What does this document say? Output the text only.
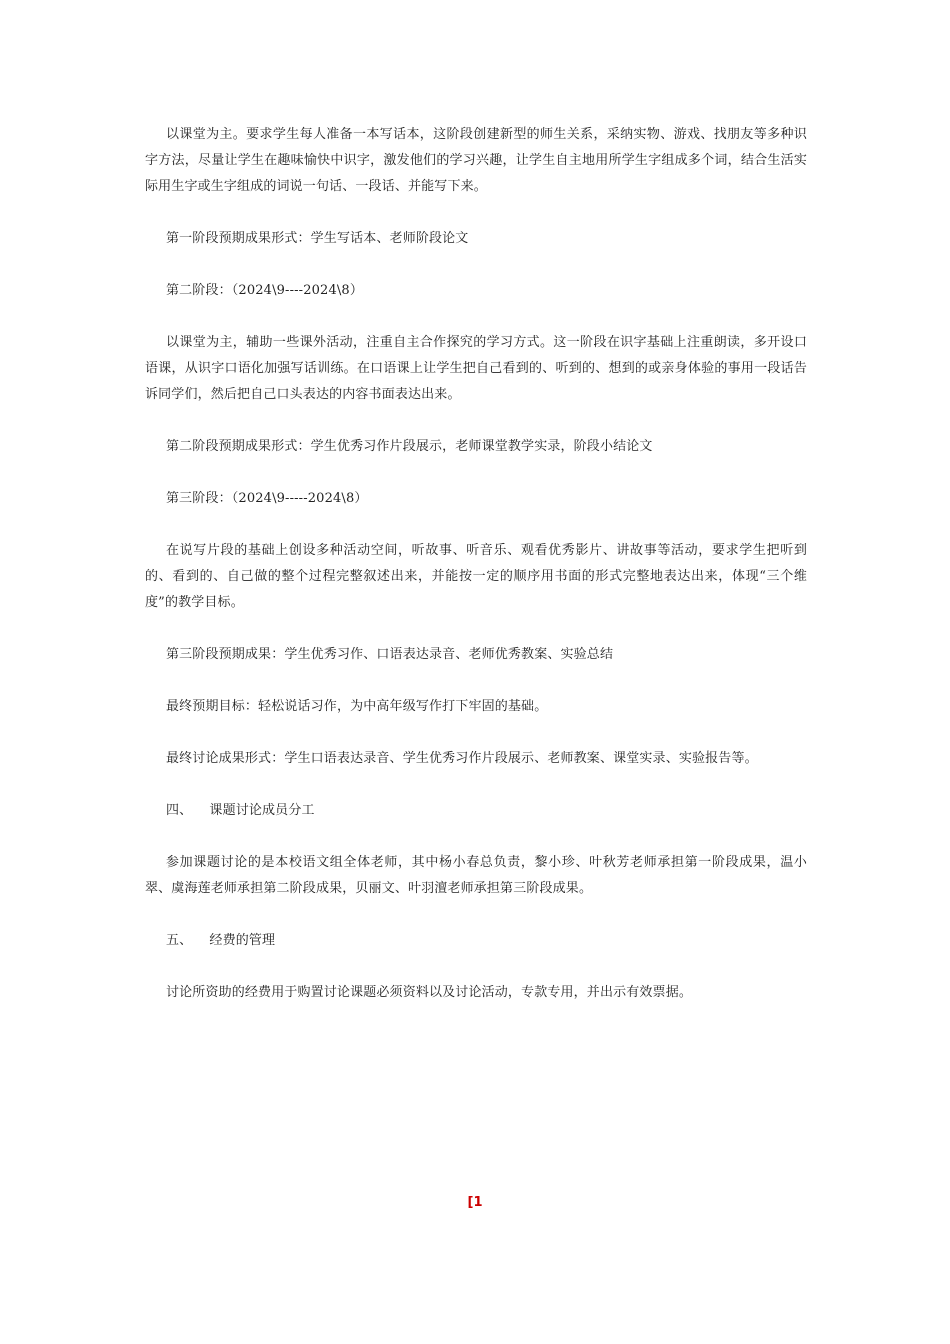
以课堂为主。要求学生每人准备一本写话本，这阶段创建新型的师生关系，采纳实物、游戏、找朋友等多种识字方法，尽量让学生在趣味愉快中识字，激发他们的学习兴趣，让学生自主地用所学生字组成多个词，结合生活实际用生字或生字组成的词说一句话、一段话、并能写下来。

第一阶段预期成果形式：学生写话本、老师阶段论文

第二阶段：（2024\9----2024\8）

以课堂为主，辅助一些课外活动，注重自主合作探究的学习方式。这一阶段在识字基础上注重朗读，多开设口语课，从识字口语化加强写话训练。在口语课上让学生把自己看到的、听到的、想到的或亲身体验的事用一段话告诉同学们，然后把自己口头表达的内容书面表达出来。

第二阶段预期成果形式：学生优秀习作片段展示，老师课堂教学实录，阶段小结论文

第三阶段：（2024\9-----2024\8）

在说写片段的基础上创设多种活动空间，听故事、听音乐、观看优秀影片、讲故事等活动，要求学生把听到的、看到的、自己做的整个过程完整叙述出来，并能按一定的顺序用书面的形式完整地表达出来，体现“三个维度”的教学目标。

第三阶段预期成果：学生优秀习作、口语表达录音、老师优秀教案、实验总结

最终预期目标：轻松说话习作，为中高年级写作打下牢固的基础。

最终讨论成果形式：学生口语表达录音、学生优秀习作片段展示、老师教案、课堂实录、实验报告等。

四、    课题讨论成员分工

参加课题讨论的是本校语文组全体老师，其中杨小春总负责，黎小珍、叶秋芳老师承担第一阶段成果，温小翠、虞海莲老师承担第二阶段成果，贝丽文、叶羽澶老师承担第三阶段成果。

五、    经费的管理

讨论所资助的经费用于购置讨论课题必须资料以及讨论活动，专款专用，并出示有效票据。

[1
